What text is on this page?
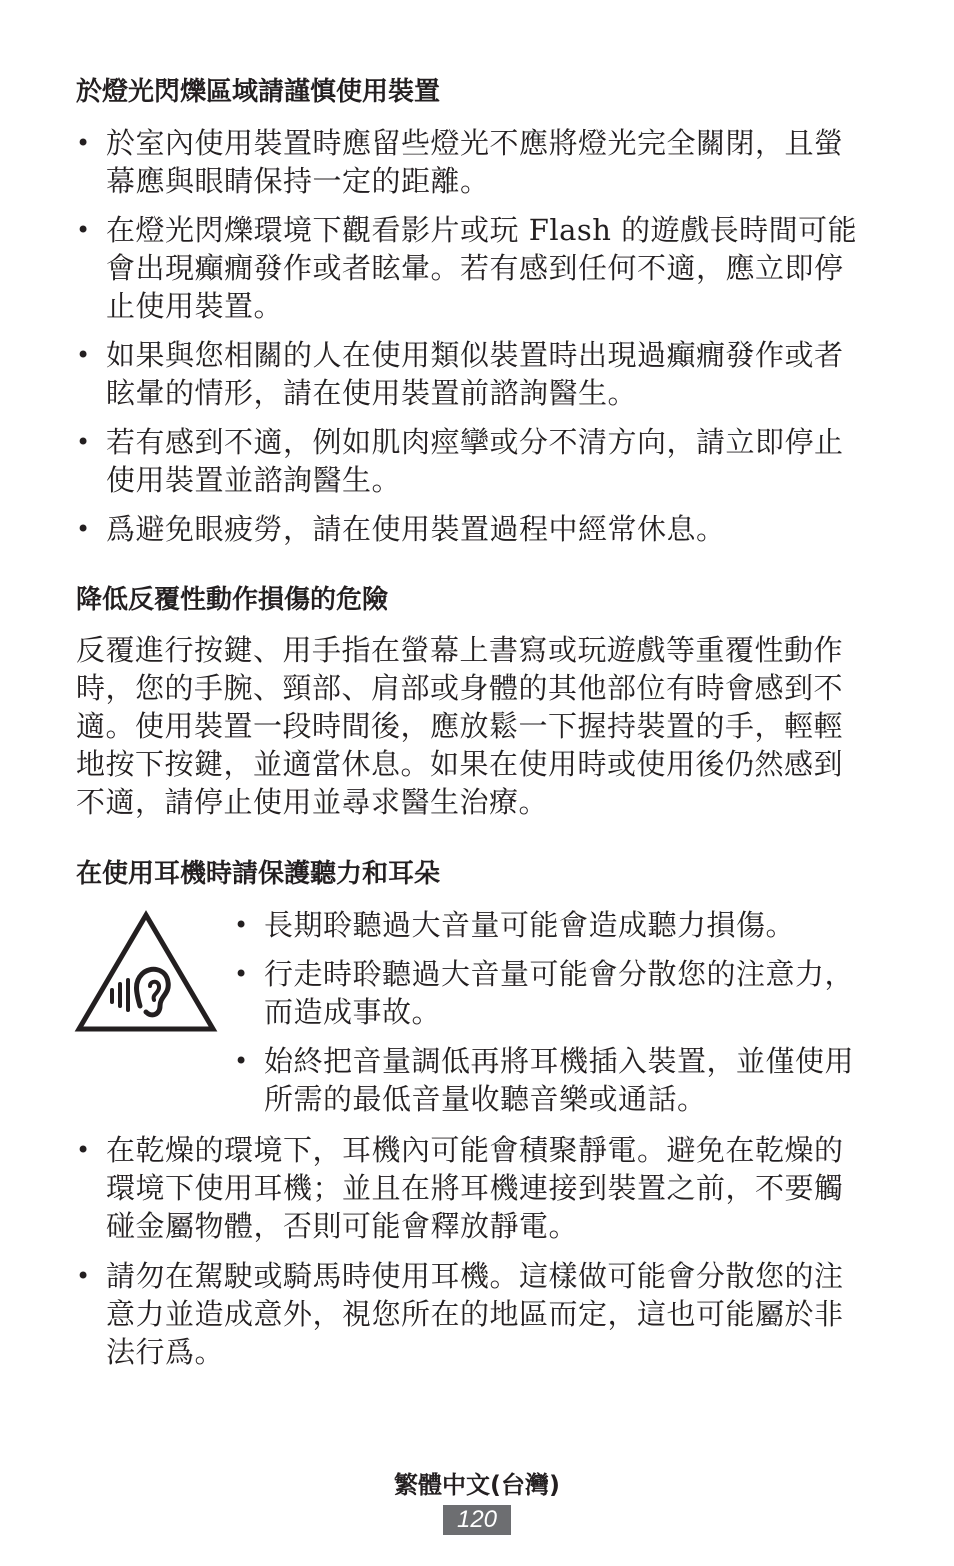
於燈光閃爍區域請謹慎使用裝置
• 於室內使用裝置時應留些燈光不應將燈光完全關閉，且螢幕應與眼睛保持一定的距離。
• 在燈光閃爍環境下觀看影片或玩 Flash 的遊戲長時間可能會出現癲癇發作或者眩暈。若有感到任何不適，應立即停止使用裝置。
• 如果與您相關的人在使用類似裝置時出現過癲癇發作或者眩暈的情形，請在使用裝置前諮詢醫生。
• 若有感到不適，例如肌肉痙攣或分不清方向，請立即停止使用裝置並諮詢醫生。
• 爲避免眼疲勞，請在使用裝置過程中經常休息。
降低反覆性動作損傷的危險

反覆進行按鍵、用手指在螢幕上書寫或玩遊戲等重覆性動作時，您的手腕、頸部、肩部或身體的其他部位有時會感到不適。使用裝置一段時間後，應放鬆一下握持裝置的手，輕輕地按下按鍵，並適當休息。如果在使用時或使用後仍然感到不適，請停止使用並尋求醫生治療。

在使用耳機時請保護聽力和耳朵
• 長期聆聽過大音量可能會造成聽力損傷。
• 行走時聆聽過大音量可能會分散您的注意力，而造成事故。
• 始終把音量調低再將耳機插入裝置，並僅使用所需的最低音量收聽音樂或通話。
• 在乾燥的環境下，耳機內可能會積聚靜電。避免在乾燥的環境下使用耳機；並且在將耳機連接到裝置之前，不要觸碰金屬物體，否則可能會釋放靜電。
• 請勿在駕駛或騎馬時使用耳機。這樣做可能會分散您的注意力並造成意外，視您所在的地區而定，這也可能屬於非法行爲。
繁體中文(台灣)
120
